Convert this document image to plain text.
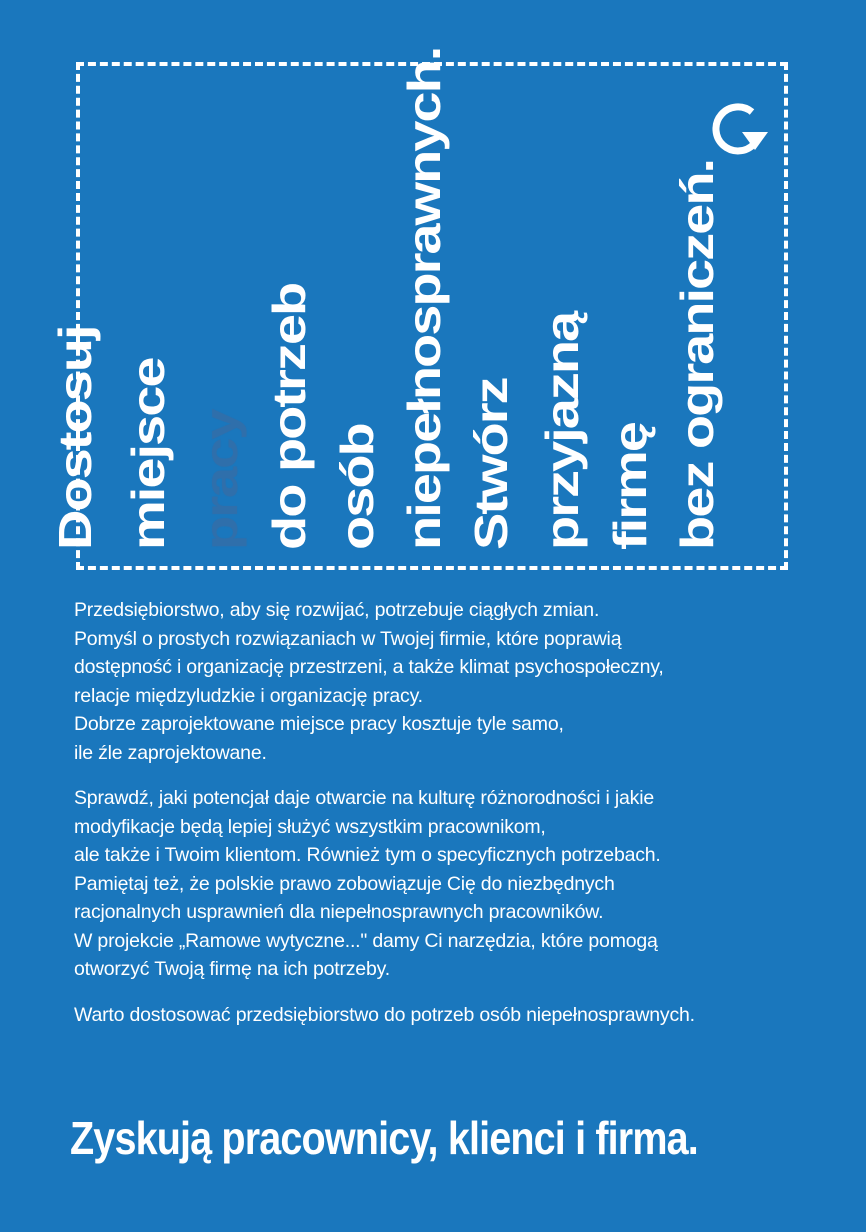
Dostosuj miejsce pracy do potrzeb osób niepełnosprawnych. Stwórz przyjazną firmę bez ograniczeń.

Przedsiębiorstwo, aby się rozwijać, potrzebuje ciągłych zmian.

Pomyśl o prostych rozwiązaniach w Twojej firmie, które poprawią

dostępność i organizację przestrzeni, a także klimat psychospołeczny,

relacje międzyludzkie i organizację pracy.

Dobrze zaprojektowane miejsce pracy kosztuje tyle samo,

ile źle zaprojektowane.

Sprawdź, jaki potencjał daje otwarcie na kulturę różnorodności i jakie

modyfikacje będą lepiej służyć wszystkim pracownikom,

ale także i Twoim klientom. Również tym o specyficznych potrzebach.

Pamiętaj też, że polskie prawo zobowiązuje Cię do niezbędnych

racjonalnych usprawnień dla niepełnosprawnych pracowników.

W projekcie „Ramowe wytyczne..." damy Ci narzędzia, które pomogą

otworzyć Twoją firmę na ich potrzeby.

Warto dostosować przedsiębiorstwo do potrzeb osób niepełnosprawnych.

Zyskują pracownicy, klienci i firma.
